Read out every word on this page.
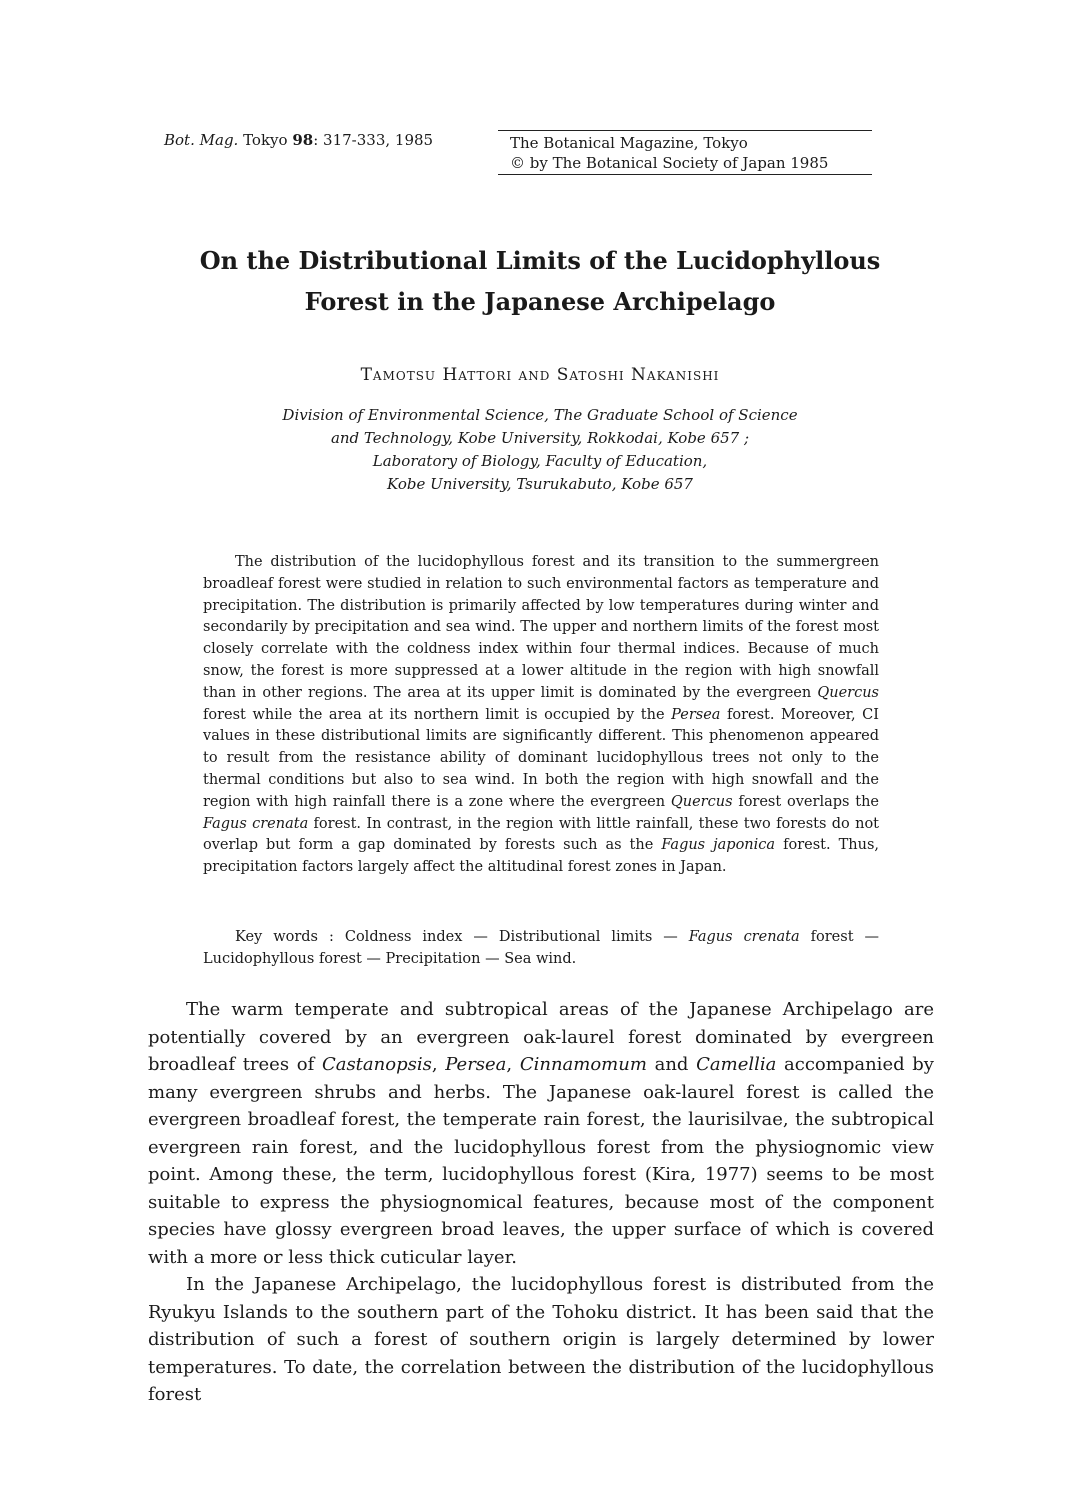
Bot. Mag. Tokyo 98: 317-333, 1985	The Botanical Magazine, Tokyo
© by The Botanical Society of Japan 1985
On the Distributional Limits of the Lucidophyllous
Forest in the Japanese Archipelago
Tamotsu Hattori and Satoshi Nakanishi
Division of Environmental Science, The Graduate School of Science
and Technology, Kobe University, Rokkodai, Kobe 657 ;
Laboratory of Biology, Faculty of Education,
Kobe University, Tsurukabuto, Kobe 657

The distribution of the lucidophyllous forest and its transition to the summergreen broadleaf forest were studied in relation to such environmental factors as temperature and precipitation. The distribution is primarily affected by low temperatures during winter and secondarily by precipitation and sea wind. The upper and northern limits of the forest most closely correlate with the coldness index within four thermal indices. Because of much snow, the forest is more suppressed at a lower altitude in the region with high snowfall than in other regions. The area at its upper limit is dominated by the evergreen Quercus forest while the area at its northern limit is occupied by the Persea forest. Moreover, CI values in these distributional limits are significantly different. This phenomenon appeared to result from the resistance ability of dominant lucidophyllous trees not only to the thermal conditions but also to sea wind. In both the region with high snowfall and the region with high rainfall there is a zone where the evergreen Quercus forest overlaps the Fagus crenata forest. In contrast, in the region with little rainfall, these two forests do not overlap but form a gap dominated by forests such as the Fagus japonica forest. Thus, precipitation factors largely affect the altitudinal forest zones in Japan.

Key words : Coldness index — Distributional limits — Fagus crenata forest — Lucidophyllous forest — Precipitation — Sea wind.

The warm temperate and subtropical areas of the Japanese Archipelago are potentially covered by an evergreen oak-laurel forest dominated by evergreen broadleaf trees of Castanopsis, Persea, Cinnamomum and Camellia accompanied by many evergreen shrubs and herbs. The Japanese oak-laurel forest is called the evergreen broadleaf forest, the temperate rain forest, the laurisilvae, the subtropical evergreen rain forest, and the lucidophyllous forest from the physiognomic view point. Among these, the term, lucidophyllous forest (Kira, 1977) seems to be most suitable to express the physiognomical features, because most of the component species have glossy evergreen broad leaves, the upper surface of which is covered with a more or less thick cuticular layer.

In the Japanese Archipelago, the lucidophyllous forest is distributed from the Ryukyu Islands to the southern part of the Tohoku district. It has been said that the distribution of such a forest of southern origin is largely determined by lower temperatures. To date, the correlation between the distribution of the lucidophyllous forest
